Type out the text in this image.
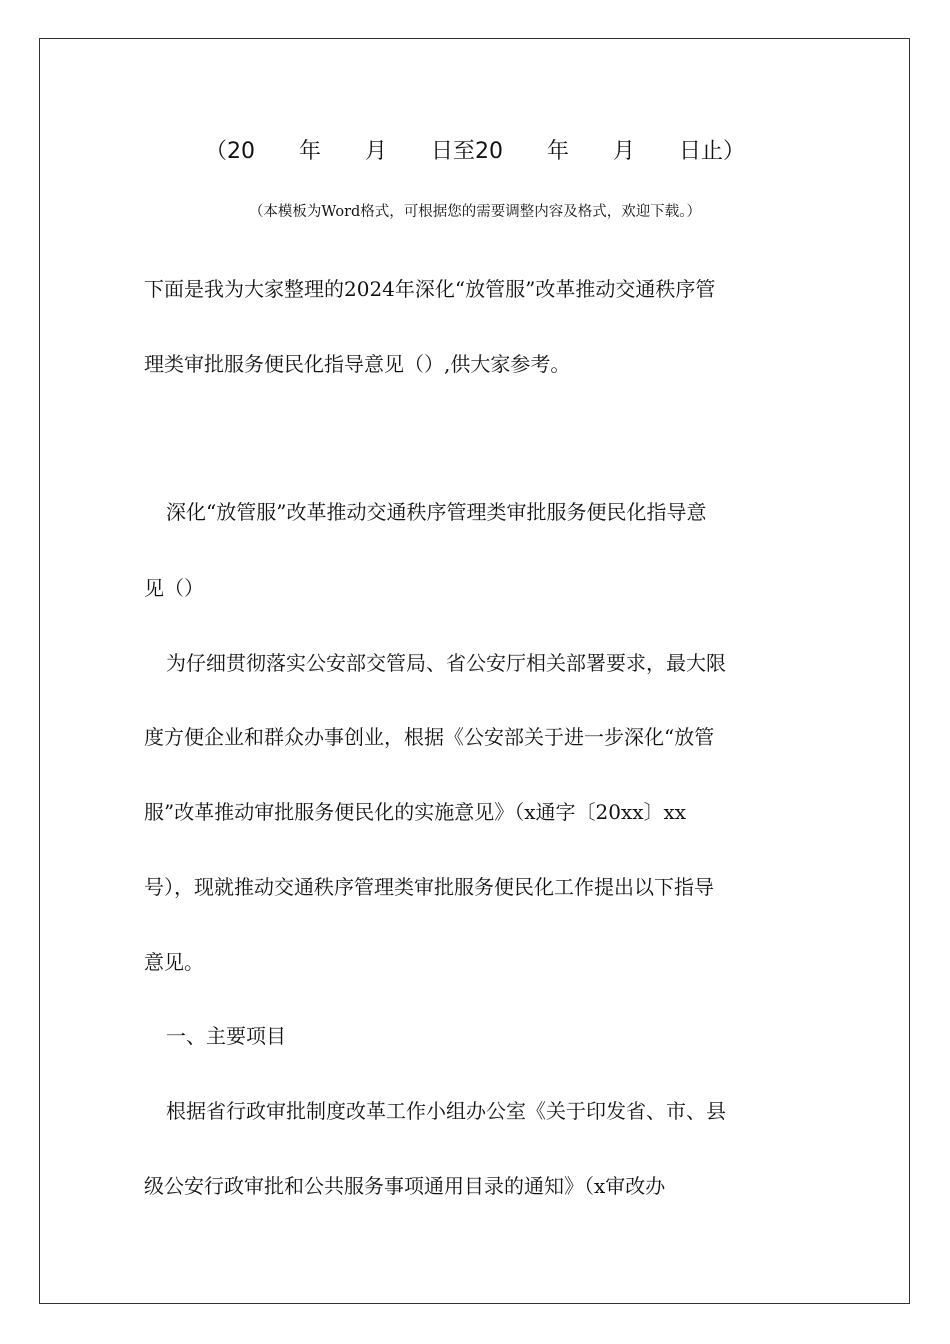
（20　　年　　月　　日至20　　年　　月　　日止）
（本模板为Word格式，可根据您的需要调整内容及格式，欢迎下载。）
下面是我为大家整理的2024年深化“放管服”改革推动交通秩序管
理类审批服务便民化指导意见（）,供大家参考。
深化“放管服”改革推动交通秩序管理类审批服务便民化指导意
见（）
为仔细贯彻落实公安部交管局、省公安厅相关部署要求，最大限
度方便企业和群众办事创业，根据《公安部关于进一步深化“放管
服”改革推动审批服务便民化的实施意见》（x通字〔20xx〕xx
号），现就推动交通秩序管理类审批服务便民化工作提出以下指导
意见。
一、主要项目
根据省行政审批制度改革工作小组办公室《关于印发省、市、县
级公安行政审批和公共服务事项通用目录的通知》（x审改办
